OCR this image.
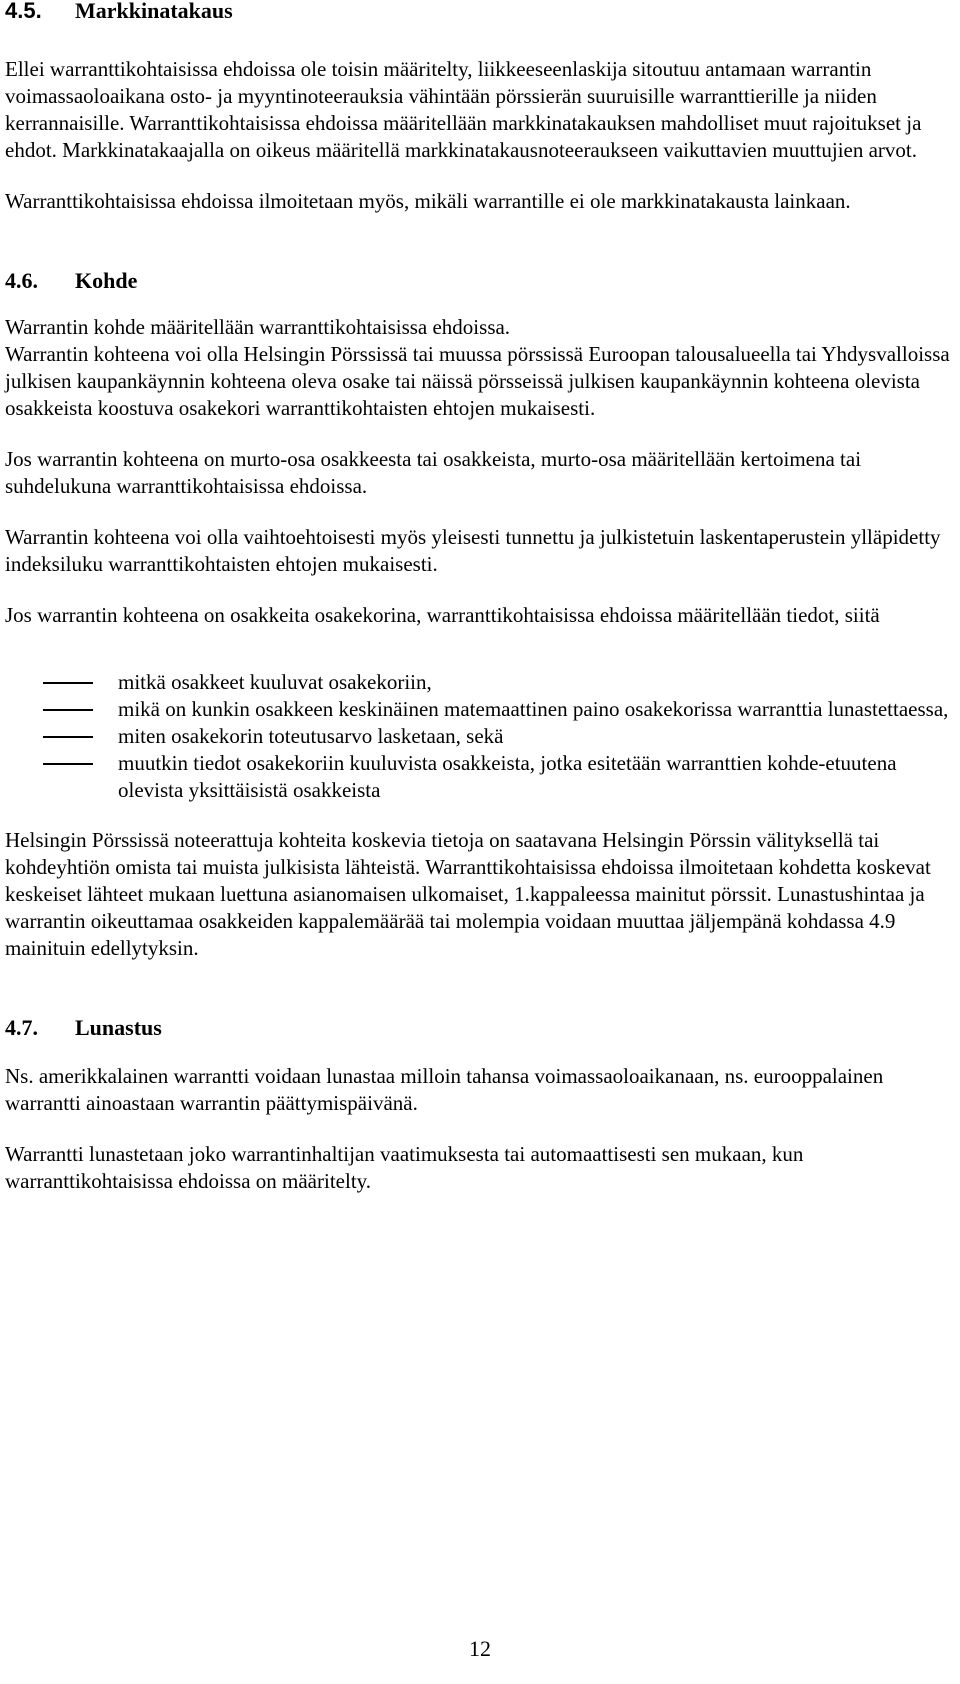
4.5.	Markkinatakaus

Ellei warranttikohtaisissa ehdoissa ole toisin määritelty, liikkeeseenlaskija sitoutuu antamaan warrantin voimassaoloaikana osto- ja myyntinoteerauksia vähintään pörssierän suuruisille warranttierille ja niiden kerrannaisille. Warranttikohtaisissa ehdoissa määritellään markkinatakauksen mahdolliset muut rajoitukset ja ehdot. Markkinatakaajalla on oikeus määritellä markkinatakausnoteeraukseen vaikuttavien muuttujien arvot.

Warranttikohtaisissa ehdoissa ilmoitetaan myös, mikäli warrantille ei ole markkinatakausta lainkaan.

4.6.	Kohde

Warrantin kohde määritellään warranttikohtaisissa ehdoissa.

Warrantin kohteena voi olla Helsingin Pörssissä tai muussa pörssissä Euroopan talousalueella tai Yhdysvalloissa julkisen kaupankäynnin kohteena oleva osake tai näissä pörsseissä julkisen kaupankäynnin kohteena olevista osakkeista koostuva osakekori warranttikohtaisten ehtojen mukaisesti.

Jos warrantin kohteena on murto-osa osakkeesta tai osakkeista, murto-osa määritellään kertoimena tai suhdelukuna warranttikohtaisissa ehdoissa.

Warrantin kohteena voi olla vaihtoehtoisesti myös yleisesti tunnettu ja julkistetuin laskentaperustein ylläpidetty indeksiluku warranttikohtaisten ehtojen mukaisesti.

Jos warrantin kohteena on osakkeita osakekorina, warranttikohtaisissa ehdoissa määritellään tiedot, siitä

mitkä osakkeet kuuluvat osakekoriin,
mikä on kunkin osakkeen keskinäinen matemaattinen paino osakekorissa warranttia lunastettaessa,
miten osakekorin toteutusarvo lasketaan, sekä
muutkin tiedot osakekoriin kuuluvista osakkeista, jotka esitetään warranttien kohde-etuutena olevista yksittäisistä osakkeista

Helsingin Pörssissä noteerattuja kohteita koskevia tietoja on saatavana Helsingin Pörssin välityksellä tai kohdeyhtiön omista tai muista julkisista lähteistä. Warranttikohtaisissa ehdoissa ilmoitetaan kohdetta koskevat keskeiset lähteet mukaan luettuna asianomaisen ulkomaiset, 1.kappaleessa mainitut pörssit. Lunastushintaa ja warrantin oikeuttamaa osakkeiden kappalemäärää tai molempia voidaan muuttaa jäljempänä kohdassa 4.9 mainituin edellytyksin.

4.7.	Lunastus

Ns. amerikkalainen warrantti voidaan lunastaa milloin tahansa voimassaoloaikanaan, ns. eurooppalainen warrantti ainoastaan warrantin päättymispäivänä.

Warrantti lunastetaan joko warrantinhaltijan vaatimuksesta tai automaattisesti sen mukaan, kun warranttikohtaisissa ehdoissa on määritelty.

12
